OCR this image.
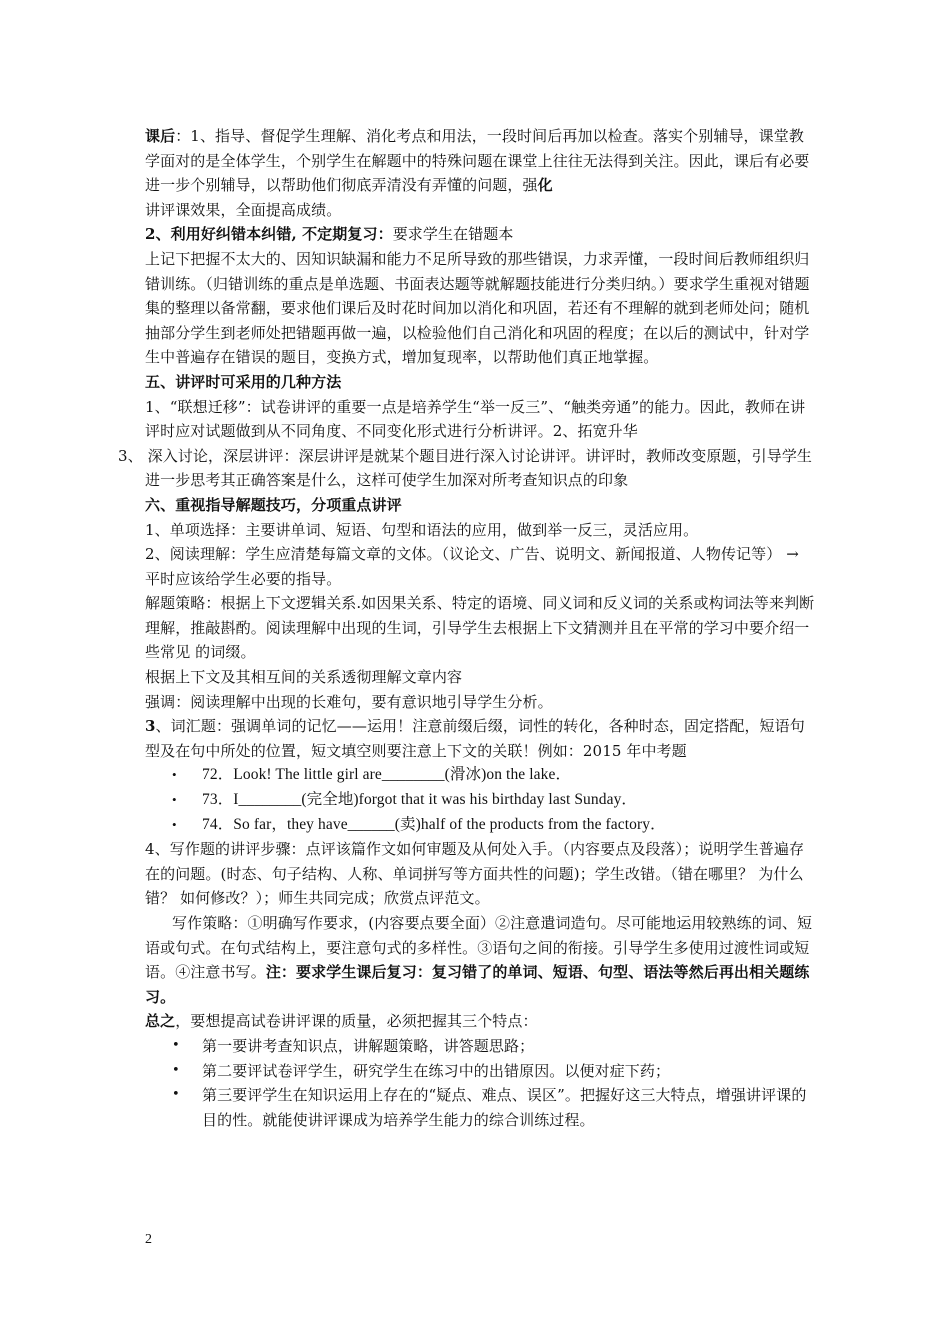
课后：1、指导、督促学生理解、消化考点和用法，一段时间后再加以检查。落实个别辅导，课堂教学面对的是全体学生，个别学生在解题中的特殊问题在课堂上往往无法得到关注。因此，课后有必要进一步个别辅导，以帮助他们彻底弄清没有弄懂的问题，强化

讲评课效果，全面提高成绩。

2、利用好纠错本纠错, 不定期复习：要求学生在错题本

上记下把握不太大的、因知识缺漏和能力不足所导致的那些错误，力求弄懂，一段时间后教师组织归错训练。（归错训练的重点是单选题、书面表达题等就解题技能进行分类归纳。）要求学生重视对错题集的整理以备常翻，要求他们课后及时花时间加以消化和巩固，若还有不理解的就到老师处问；随机抽部分学生到老师处把错题再做一遍，以检验他们自己消化和巩固的程度；在以后的测试中，针对学生中普遍存在错误的题目，变换方式，增加复现率，以帮助他们真正地掌握。

五、讲评时可采用的几种方法

1、“联想迁移”：试卷讲评的重要一点是培养学生“举一反三”、“触类旁通”的能力。因此，教师在讲评时应对试题做到从不同角度、不同变化形式进行分析讲评。2、拓宽升华

3、 深入讨论，深层讲评：深层讲评是就某个题目进行深入讨论讲评。讲评时，教师改变原题，引导学生进一步思考其正确答案是什么，这样可使学生加深对所考查知识点的印象

六、重视指导解题技巧，分项重点讲评

1、单项选择：主要讲单词、短语、句型和语法的应用，做到举一反三，灵活应用。

2、阅读理解：学生应清楚每篇文章的文体。（议论文、广告、说明文、新闻报道、人物传记等） → 平时应该给学生必要的指导。

解题策略：根据上下文逻辑关系.如因果关系、特定的语境、同义词和反义词的关系或构词法等来判断理解，推敲斟酌。阅读理解中出现的生词，引导学生去根据上下文猜测并且在平常的学习中要介绍一些常见 的词缀。

根据上下文及其相互间的关系透彻理解文章内容

强调：阅读理解中出现的长难句，要有意识地引导学生分析。

3、词汇题：强调单词的记忆——运用！注意前缀后缀，词性的转化，各种时态，固定搭配，短语句型及在句中所处的位置，短文填空则要注意上下文的关联！例如：2015 年中考题

• 72．Look! The little girl are________(滑冰)on the lake．
• 73．I________(完全地)forgot that it was his birthday last Sunday．
• 74．So far，they have______(卖)half of the products from the factory．

4、写作题的讲评步骤：点评该篇作文如何审题及从何处入手。（内容要点及段落）；说明学生普遍存在的问题。(时态、句子结构、人称、单词拼写等方面共性的问题)；学生改错。（错在哪里？ 为什么错？ 如何修改？）；师生共同完成；欣赏点评范文。

写作策略：①明确写作要求，(内容要点要全面）②注意遣词造句。尽可能地运用较熟练的词、短语或句式。在句式结构上，要注意句式的多样性。③语句之间的衔接。引导学生多使用过渡性词或短语。④注意书写。注：要求学生课后复习：复习错了的单词、短语、句型、语法等然后再出相关题练习。

总之，要想提高试卷讲评课的质量，必须把握其三个特点：

• 第一要讲考查知识点，讲解题策略，讲答题思路；
• 第二要评试卷评学生，研究学生在练习中的出错原因。以便对症下药；
• 第三要评学生在知识运用上存在的“疑点、难点、误区”。把握好这三大特点，增强讲评课的目的性。就能使讲评课成为培养学生能力的综合训练过程。
2
